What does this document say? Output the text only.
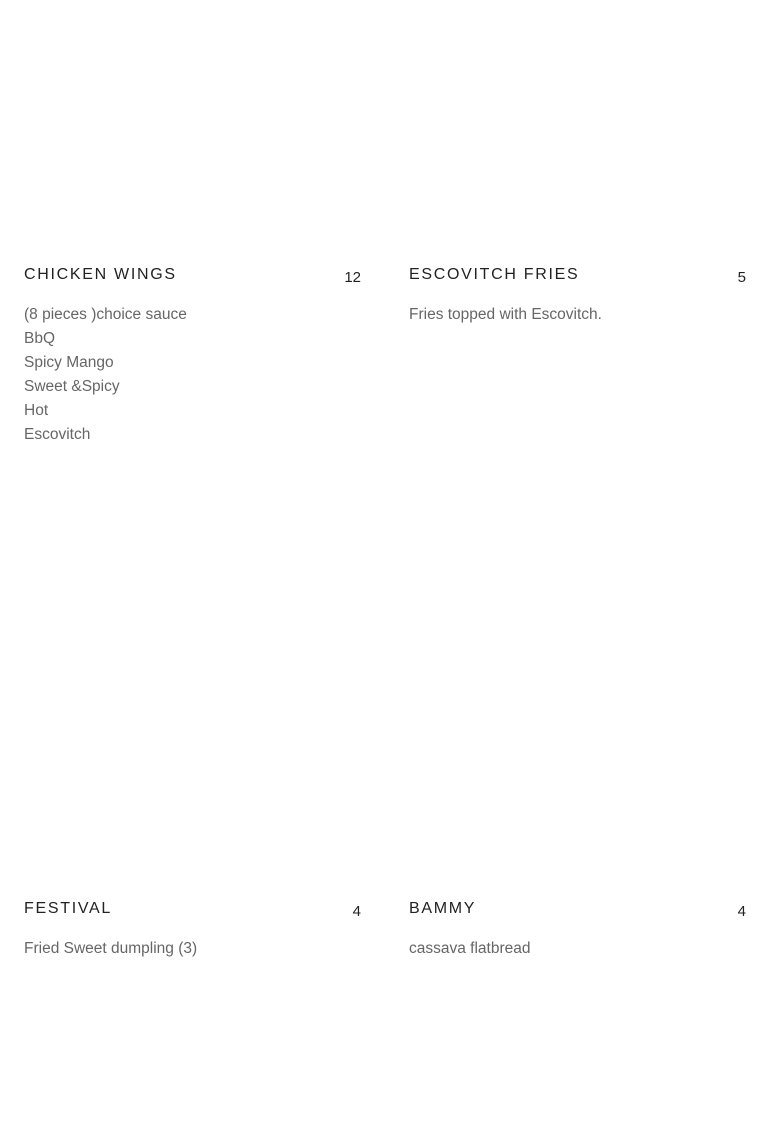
CHICKEN WINGS	12
(8 pieces )choice sauce
BbQ
Spicy Mango
Sweet &Spicy
Hot
Escovitch
ESCOVITCH FRIES	5
Fries topped with Escovitch.
FESTIVAL	4
Fried Sweet dumpling (3)
BAMMY	4
cassava flatbread
